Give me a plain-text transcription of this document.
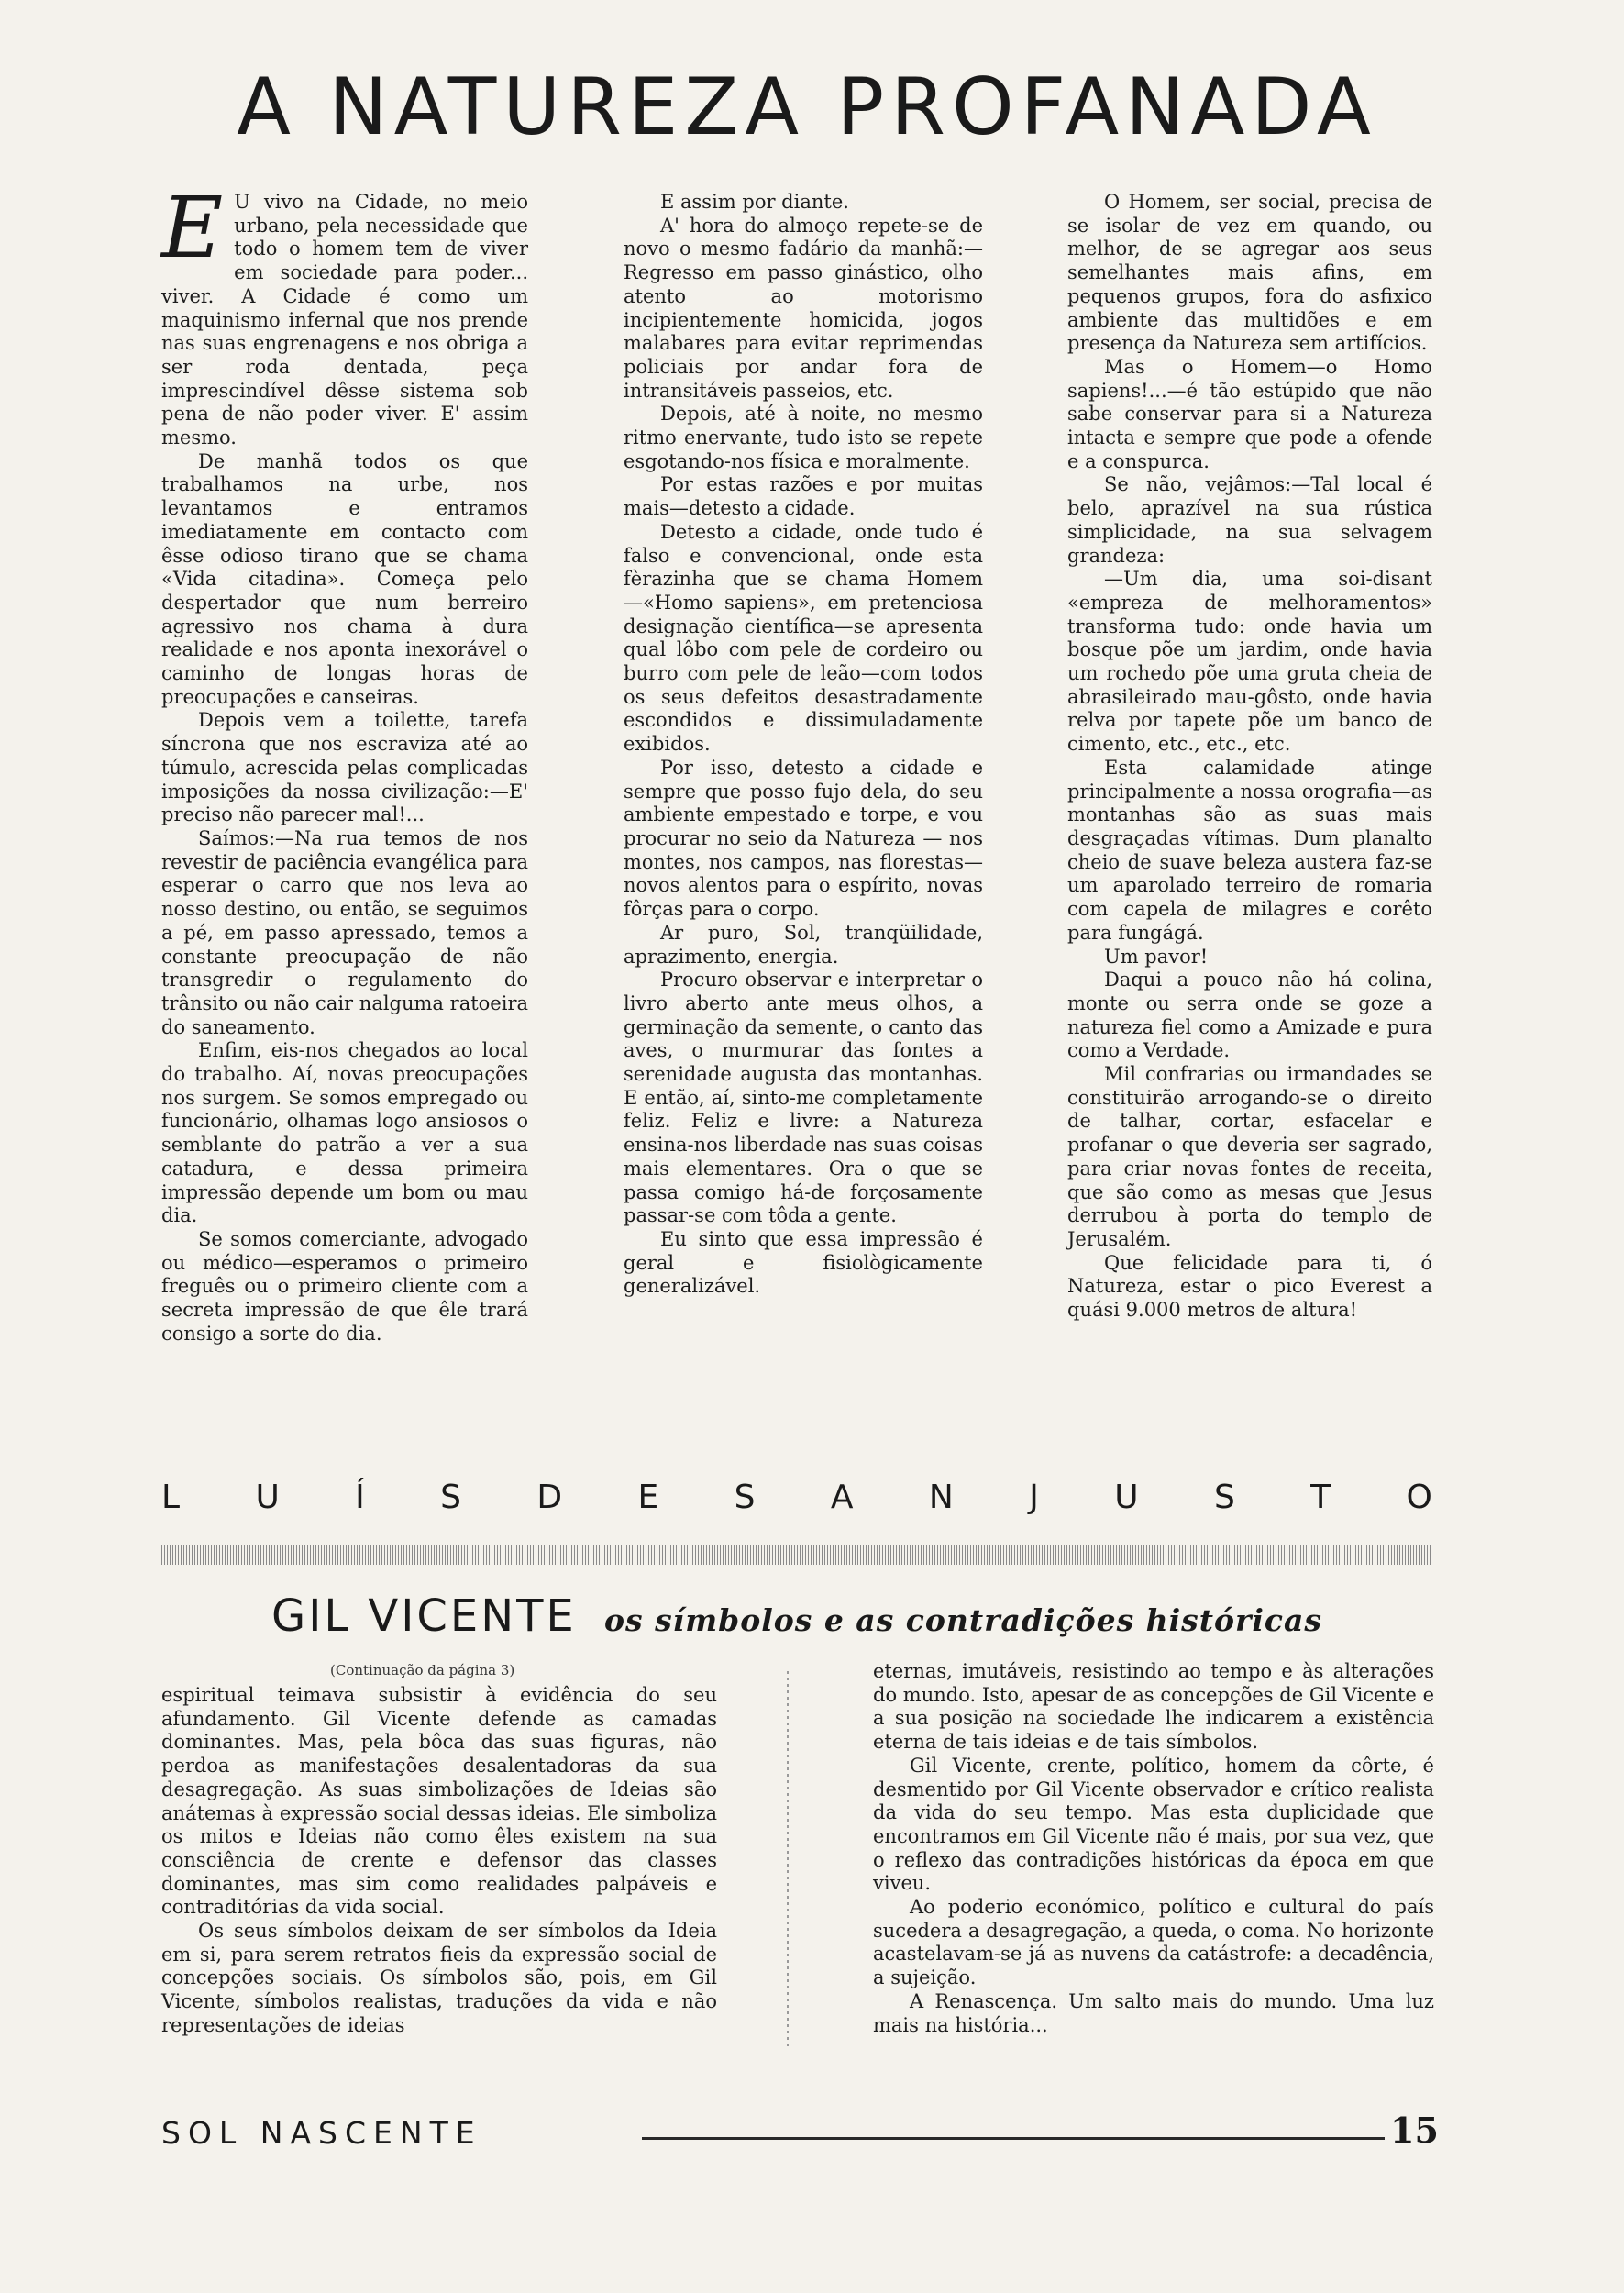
A NATUREZA PROFANADA
E U vivo na Cidade, no meio urbano, pela necessidade que todo o homem tem de viver em sociedade para poder... viver. A Cidade é como um maquinismo infernal que nos prende nas suas engrenagens e nos obriga a ser roda dentada, peça imprescindível dêsse sistema sob pena de não poder viver. E' assim mesmo.

De manhã todos os que trabalhamos na urbe, nos levantamos e entramos imediatamente em contacto com êsse odioso tirano que se chama «Vida citadina». Começa pelo despertador que num berreiro agressivo nos chama à dura realidade e nos aponta inexorável o caminho de longas horas de preocupações e canseiras.

Depois vem a toilette, tarefa síncrona que nos escraviza até ao túmulo, acrescida pelas complicadas imposições da nossa civilização:—E' preciso não parecer mal!...

Saímos:—Na rua temos de nos revestir de paciência evangélica para esperar o carro que nos leva ao nosso destino, ou então, se seguimos a pé, em passo apressado, temos a constante preocupação de não transgredir o regulamento do trânsito ou não cair nalguma ratoeira do saneamento.

Enfim, eis-nos chegados ao local do trabalho. Aí, novas preocupações nos surgem. Se somos empregado ou funcionário, olhamas logo ansiosos o semblante do patrão a ver a sua catadura, e dessa primeira impressão depende um bom ou mau dia.

Se somos comerciante, advogado ou médico—esperamos o primeiro freguês ou o primeiro cliente com a secreta impressão de que êle trará consigo a sorte do dia.

E assim por diante.

A' hora do almoço repete-se de novo o mesmo fadário da manhã:—Regresso em passo ginástico, olho atento ao motorismo incipientemente homicida, jogos malabares para evitar reprimendas policiais por andar fora de intransitáveis passeios, etc.

Depois, até à noite, no mesmo ritmo enervante, tudo isto se repete esgotando-nos física e moralmente.

Por estas razões e por muitas mais—detesto a cidade.

Detesto a cidade, onde tudo é falso e convencional, onde esta fèrazinha que se chama Homem —«Homo sapiens», em pretenciosa designação científica—se apresenta qual lôbo com pele de cordeiro ou burro com pele de leão—com todos os seus defeitos desastradamente escondidos e dissimuladamente exibidos.

Por isso, detesto a cidade e sempre que posso fujo dela, do seu ambiente empestado e torpe, e vou procurar no seio da Natureza — nos montes, nos campos, nas florestas—novos alentos para o espírito, novas fôrças para o corpo.

Ar puro, Sol, tranqüilidade, aprazimento, energia.

Procuro observar e interpretar o livro aberto ante meus olhos, a germinação da semente, o canto das aves, o murmurar das fontes a serenidade augusta das montanhas. E então, aí, sinto-me completamente feliz. Feliz e livre: a Natureza ensina-nos liberdade nas suas coisas mais elementares. Ora o que se passa comigo há-de forçosamente passar-se com tôda a gente.

Eu sinto que essa impressão é geral e fisiològicamente generalizável.

O Homem, ser social, precisa de se isolar de vez em quando, ou melhor, de se agregar aos seus semelhantes mais afins, em pequenos grupos, fora do asfixico ambiente das multidões e em presença da Natureza sem artifícios.

Mas o Homem—o Homo sapiens!...—é tão estúpido que não sabe conservar para si a Natureza intacta e sempre que pode a ofende e a conspurca.

Se não, vejâmos:—Tal local é belo, aprazível na sua rústica simplicidade, na sua selvagem grandeza:

—Um dia, uma soi-disant «empreza de melhoramentos» transforma tudo: onde havia um bosque põe um jardim, onde havia um rochedo põe uma gruta cheia de abrasileirado mau-gôsto, onde havia relva por tapete põe um banco de cimento, etc., etc., etc.

Esta calamidade atinge principalmente a nossa orografia—as montanhas são as suas mais desgraçadas vítimas. Dum planalto cheio de suave beleza austera faz-se um aparolado terreiro de romaria com capela de milagres e corêto para fungágá.

Um pavor!

Daqui a pouco não há colina, monte ou serra onde se goze a natureza fiel como a Amizade e pura como a Verdade.

Mil confrarias ou irmandades se constituirão arrogando-se o direito de talhar, cortar, esfacelar e profanar o que deveria ser sagrado, para criar novas fontes de receita, que são como as mesas que Jesus derrubou à porta do templo de Jerusalém.

Que felicidade para ti, ó Natureza, estar o pico Everest a quási 9.000 metros de altura!

L U Í S D E S A N J U S T O
GIL VICENTE os símbolos e as contradições históricas
(Continuação da página 3)

espiritual teimava subsistir à evidência do seu afundamento. Gil Vicente defende as camadas dominantes. Mas, pela bôca das suas figuras, não perdoa as manifestações desalentadoras da sua desagregação. As suas simbolizações de Ideias são anátemas à expressão social dessas ideias. Ele simboliza os mitos e Ideias não como êles existem na sua consciência de crente e defensor das classes dominantes, mas sim como realidades palpáveis e contraditórias da vida social.

Os seus símbolos deixam de ser símbolos da Ideia em si, para serem retratos fieis da expressão social de concepções sociais. Os símbolos são, pois, em Gil Vicente, símbolos realistas, traduções da vida e não representações de ideias

eternas, imutáveis, resistindo ao tempo e às alterações do mundo. Isto, apesar de as concepções de Gil Vicente e a sua posição na sociedade lhe indicarem a existência eterna de tais ideias e de tais símbolos.

Gil Vicente, crente, político, homem da côrte, é desmentido por Gil Vicente observador e crítico realista da vida do seu tempo. Mas esta duplicidade que encontramos em Gil Vicente não é mais, por sua vez, que o reflexo das contradições históricas da época em que viveu.

Ao poderio económico, político e cultural do país sucedera a desagregação, a queda, o coma. No horizonte acastelavam-se já as nuvens da catástrofe: a decadência, a sujeição.

A Renascença. Um salto mais do mundo. Uma luz mais na história...

SOL NASCENTE	15
